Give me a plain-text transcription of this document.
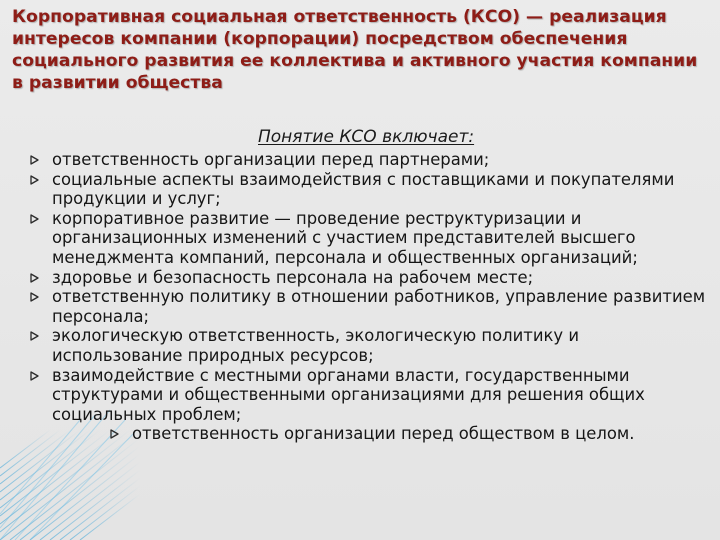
Корпоративная социальная ответственность (КСО) — реализация интересов компании (корпорации) посредством обеспечения социального развития ее коллектива и активного участия компании в развитии общества
Понятие КСО включает:
ответственность организации перед партнерами;
социальные аспекты взаимодействия с поставщиками и покупателями продукции и услуг;
корпоративное развитие — проведение реструктуризации и организационных изменений с участием представителей высшего менеджмента компаний, персонала и общественных организаций;
здоровье и безопасность персонала на рабочем месте;
ответственную политику в отношении работников, управление развитием персонала;
экологическую ответственность, экологическую политику и использование природных ресурсов;
взаимодействие с местными органами власти, государственными структурами и общественными организациями для решения общих социальных проблем;
ответственность организации перед обществом в целом.
